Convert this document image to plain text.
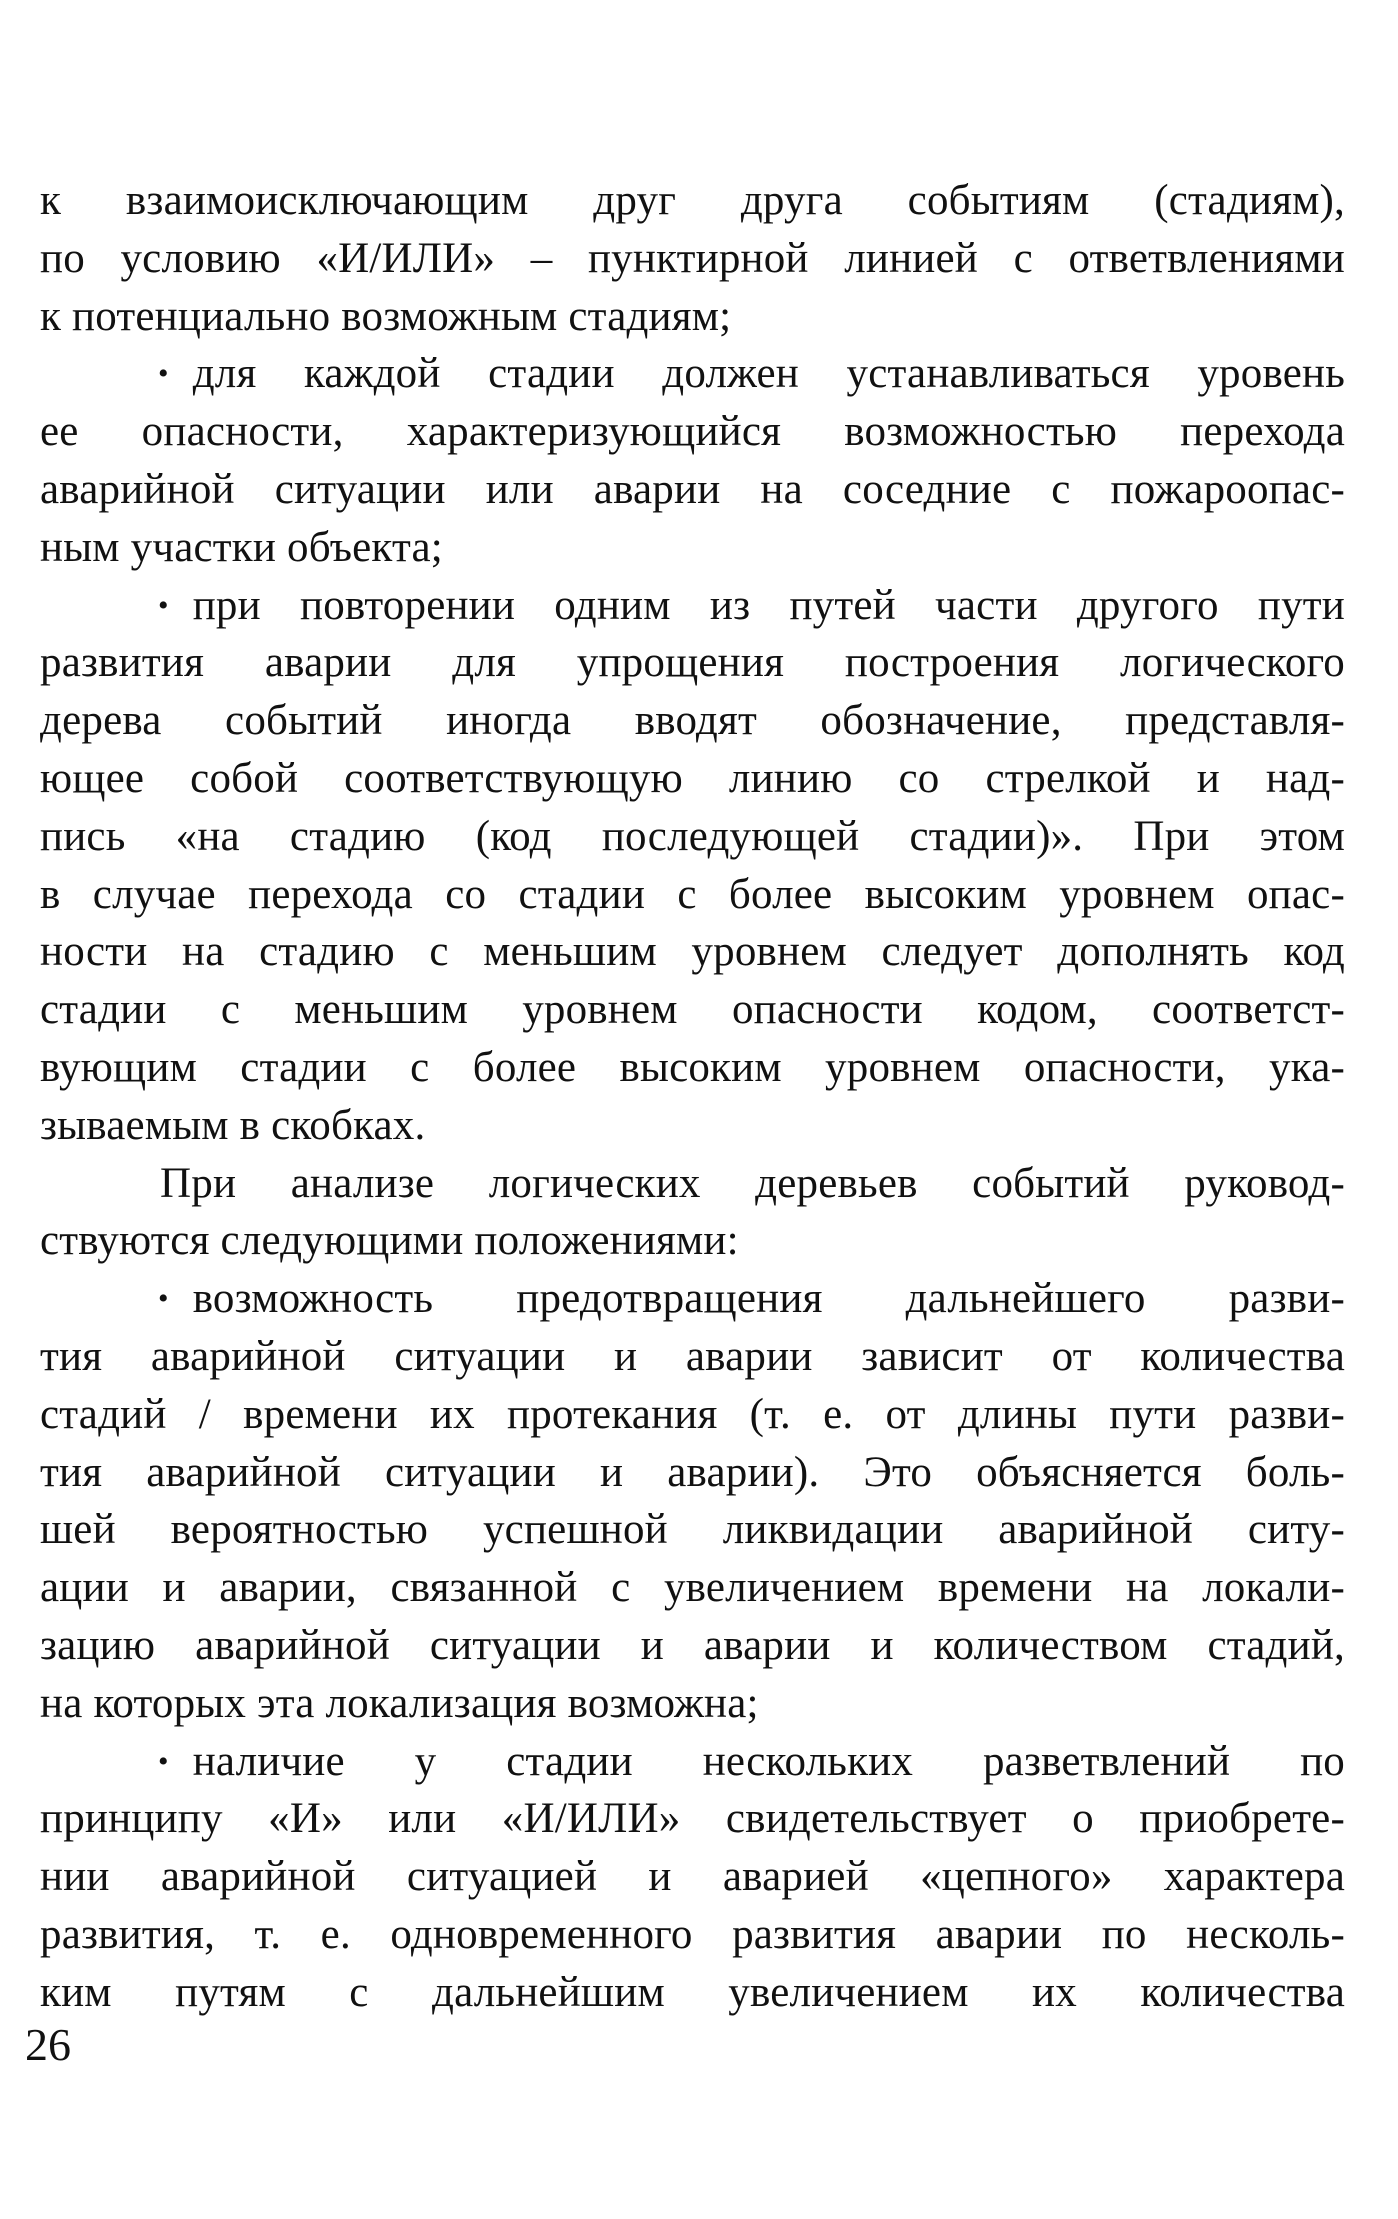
к взаимоисключающим друг друга событиям (стадиям),
по условию «И/ИЛИ» – пунктирной линией с ответвлениями
к потенциально возможным стадиям;
• для каждой стадии должен устанавливаться уровень
ее опасности, характеризующийся возможностью перехода
аварийной ситуации или аварии на соседние с пожароопас-
ным участки объекта;
• при повторении одним из путей части другого пути
развития аварии для упрощения построения логического
дерева событий иногда вводят обозначение, представля-
ющее собой соответствующую линию со стрелкой и над-
пись «на стадию (код последующей стадии)». При этом
в случае перехода со стадии с более высоким уровнем опас-
ности на стадию с меньшим уровнем следует дополнять код
стадии с меньшим уровнем опасности кодом, соответст-
вующим стадии с более высоким уровнем опасности, ука-
зываемым в скобках.
При анализе логических деревьев событий руковод-
ствуются следующими положениями:
• возможность предотвращения дальнейшего разви-
тия аварийной ситуации и аварии зависит от количества
стадий / времени их протекания (т. е. от длины пути разви-
тия аварийной ситуации и аварии). Это объясняется боль-
шей вероятностью успешной ликвидации аварийной ситу-
ации и аварии, связанной с увеличением времени на локали-
зацию аварийной ситуации и аварии и количеством стадий,
на которых эта локализация возможна;
• наличие у стадии нескольких разветвлений по
принципу «И» или «И/ИЛИ» свидетельствует о приобрете-
нии аварийной ситуацией и аварией «цепного» характера
развития, т. е. одновременного развития аварии по несколь-
ким путям с дальнейшим увеличением их количества
26
